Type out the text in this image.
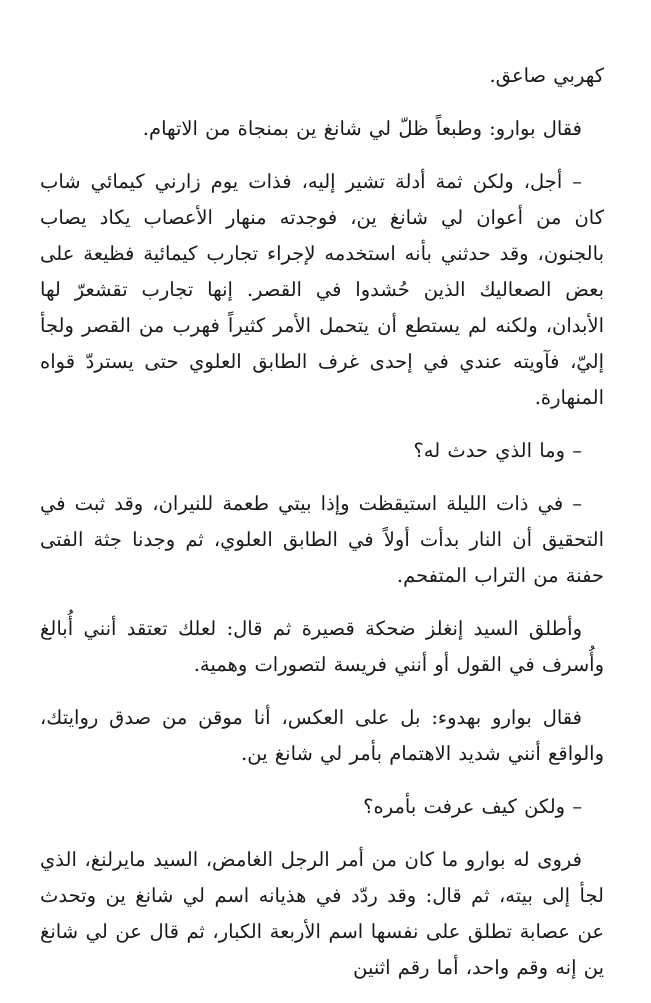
كهربي صاعق.

فقال بوارو: وطبعاً ظلّ لي شانغ ين بمنجاة من الاتهام.

– أجل، ولكن ثمة أدلة تشير إليه، فذات يوم زارني كيمائي شاب كان من أعوان لي شانغ ين، فوجدته منهار الأعصاب يكاد يصاب بالجنون، وقد حدثني بأنه استخدمه لإجراء تجارب كيمائية فظيعة على بعض الصعاليك الذين حُشدوا في القصر. إنها تجارب تقشعرّ لها الأبدان، ولكنه لم يستطع أن يتحمل الأمر كثيراً فهرب من القصر ولجأ إليّ، فآويته عندي في إحدى غرف الطابق العلوي حتى يستردّ قواه المنهارة.

– وما الذي حدث له؟

– في ذات الليلة استيقظت وإذا بيتي طعمة للنيران، وقد ثبت في التحقيق أن النار بدأت أولاً في الطابق العلوي، ثم وجدنا جثة الفتى حفنة من التراب المتفحم.

وأطلق السيد إنغلز ضحكة قصيرة ثم قال: لعلك تعتقد أنني أُبالغ وأُسرف في القول أو أنني فريسة لتصورات وهمية.

فقال بوارو بهدوء: بل على العكس، أنا موقن من صدق روايتك، والواقع أنني شديد الاهتمام بأمر لي شانغ ين.

– ولكن كيف عرفت بأمره؟

فروى له بوارو ما كان من أمر الرجل الغامض، السيد مايرلنغ، الذي لجأ إلى بيته، ثم قال: وقد ردّد في هذيانه اسم لي شانغ ين وتحدث عن عصابة تطلق على نفسها اسم الأربعة الكبار، ثم قال عن لي شانغ ين إنه وقم واحد، أما رقم اثنين
